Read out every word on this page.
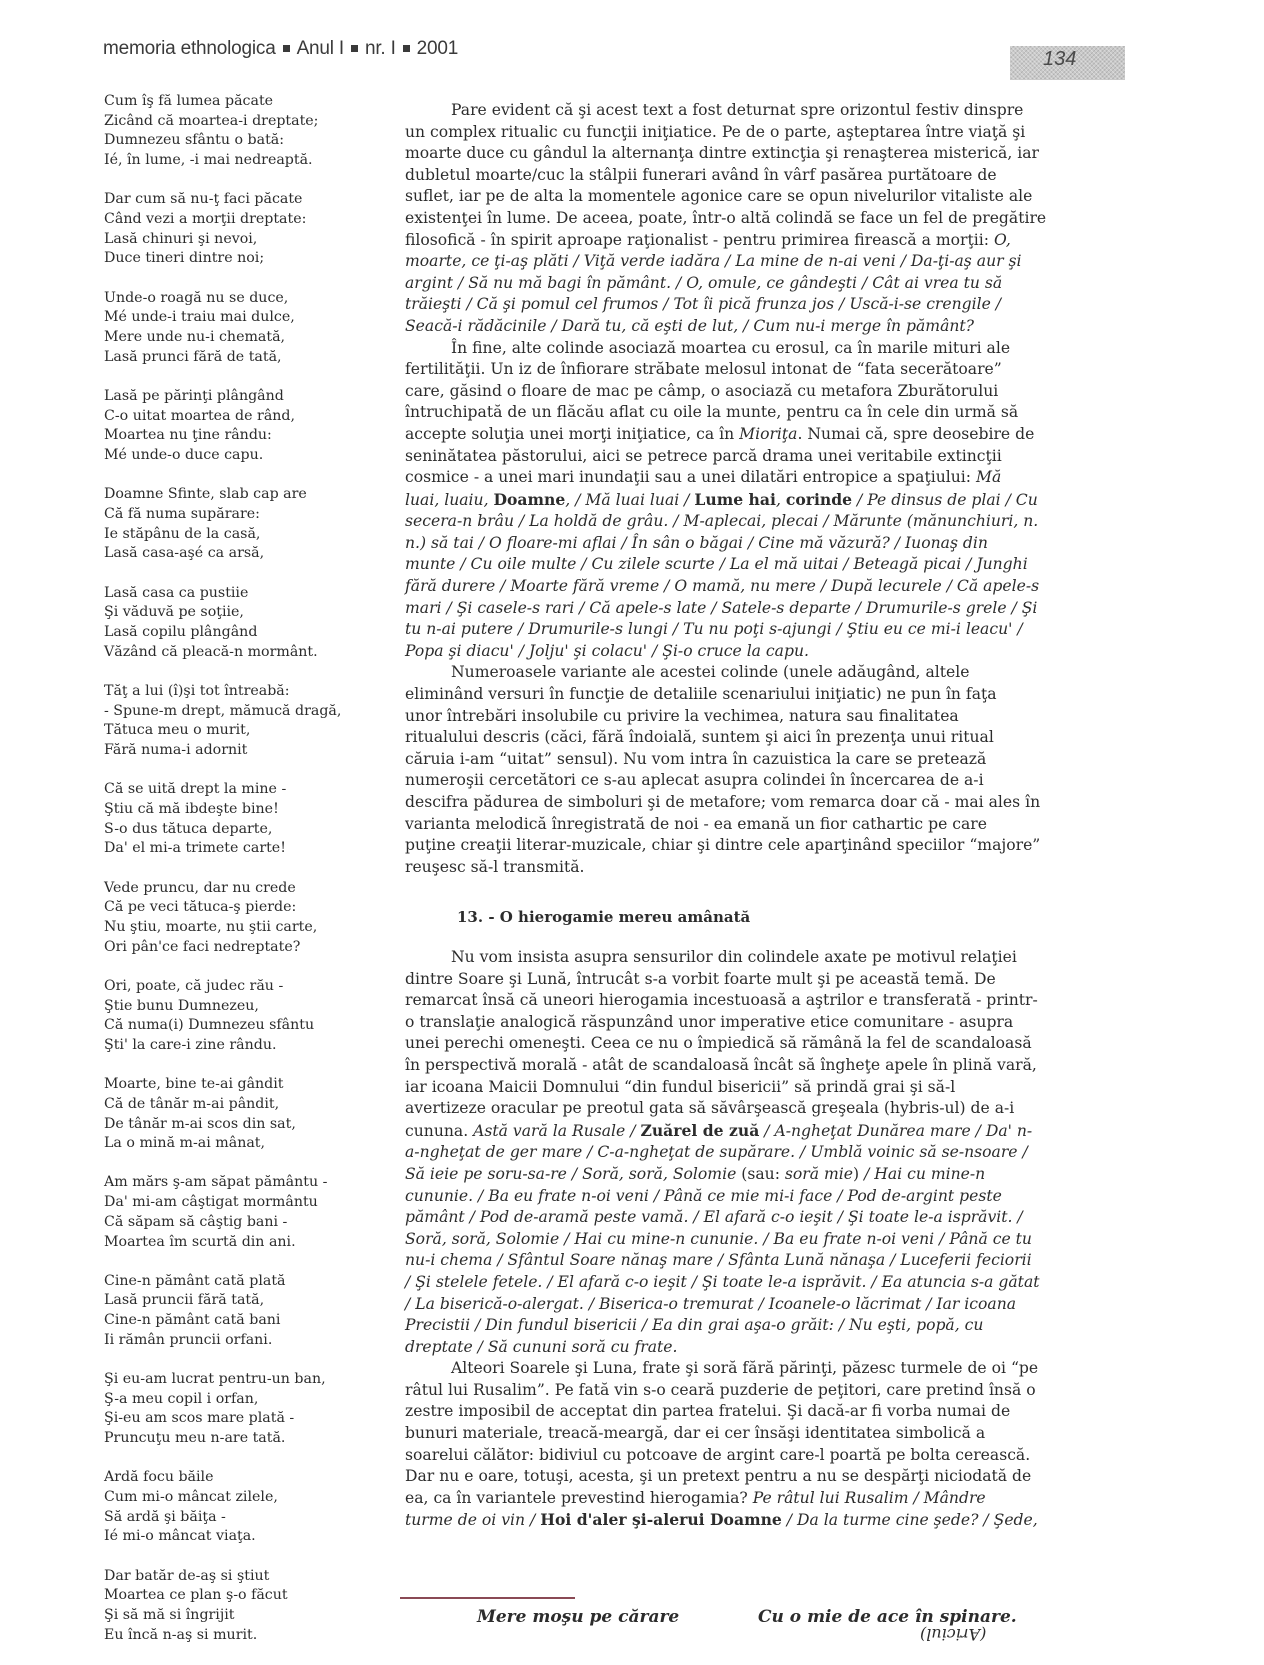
memoria ethnologica Anul I nr. I 2001	134
Cum îş fă lumea păcate
Zicând că moartea-i dreptate;
Dumnezeu sfântu o bată:
Ié, în lume, -i mai nedreaptă.
Dar cum să nu-ţ faci păcate
Când vezi a morţii dreptate:
Lasă chinuri şi nevoi,
Duce tineri dintre noi;
Unde-o roagă nu se duce,
Mé unde-i traiu mai dulce,
Mere unde nu-i chemată,
Lasă prunci fără de tată,
Lasă pe părinţi plângând
C-o uitat moartea de rând,
Moartea nu ţine rându:
Mé unde-o duce capu.
Doamne Sfinte, slab cap are
Că fă numa supărare:
Ie stăpânu de la casă,
Lasă casa-aşé ca arsă,
Lasă casa ca pustiie
Şi văduvă pe soţiie,
Lasă copilu plângând
Văzând că pleacă-n mormânt.
Tăţ a lui (î)şi tot întreabă:
- Spune-m drept, mămucă dragă,
Tătuca meu o murit,
Fără numa-i adornit
Că se uită drept la mine -
Ştiu că mă ibdeşte bine!
S-o dus tătuca departe,
Da' el mi-a trimete carte!
Vede pruncu, dar nu crede
Că pe veci tătuca-ş pierde:
Nu ştiu, moarte, nu ştii carte,
Ori pân'ce faci nedreptate?
Ori, poate, că judec rău -
Ştie bunu Dumnezeu,
Că numa(i) Dumnezeu sfântu
Şti' la care-i zine rându.
Moarte, bine te-ai gândit
Că de tânăr m-ai pândit,
De tânăr m-ai scos din sat,
La o mină m-ai mânat,
Am mărs ş-am săpat pământu -
Da' mi-am câştigat mormântu
Că săpam să câştig bani -
Moartea îm scurtă din ani.
Cine-n pământ cată plată
Lasă pruncii fără tată,
Cine-n pământ cată bani
Ii rămân pruncii orfani.
Şi eu-am lucrat pentru-un ban,
Ş-a meu copil i orfan,
Şi-eu am scos mare plată -
Pruncuţu meu n-are tată.
Ardă focu băile
Cum mi-o mâncat zilele,
Să ardă şi băiţa -
Ié mi-o mâncat viaţa.
Dar batăr de-aş si ştiut
Moartea ce plan ş-o făcut
Şi să mă si îngrijit
Eu încă n-aş si murit.
Pare evident că şi acest text a fost deturnat spre orizontul festiv dinspre
un complex ritualic cu funcţii iniţiatice. Pe de o parte, aşteptarea între viaţă şi
moarte duce cu gândul la alternanţa dintre extincţia şi renaşterea misterică, iar
dubletul moarte/cuc la stâlpii funerari având în vârf pasărea purtătoare de
suflet, iar pe de alta la momentele agonice care se opun nivelurilor vitaliste ale
existenţei în lume. De aceea, poate, într-o altă colindă se face un fel de pregătire
filosofică - în spirit aproape raţionalist - pentru primirea firească a morţii: O,
moarte, ce ţi-aş plăti / Viţă verde iadăra / La mine de n-ai veni / Da-ţi-aş aur şi
argint / Să nu mă bagi în pământ. / O, omule, ce gândeşti / Cât ai vrea tu să
trăieşti / Că şi pomul cel frumos / Tot îi pică frunza jos / Uscă-i-se crengile /
Seacă-i rădăcinile / Dară tu, că eşti de lut, / Cum nu-i merge în pământ?
În fine, alte colinde asociază moartea cu erosul, ca în marile mituri ale
fertilităţii. Un iz de înfiorare străbate melosul intonat de “fata secerătoare”
care, găsind o floare de mac pe câmp, o asociază cu metafora Zburătorului
întruchipată de un flăcău aflat cu oile la munte, pentru ca în cele din urmă să
accepte soluţia unei morţi iniţiatice, ca în Mioriţa. Numai că, spre deosebire de
seninătatea păstorului, aici se petrece parcă drama unei veritabile extincţii
cosmice - a unei mari inundaţii sau a unei dilatări entropice a spaţiului: Mă
luai, luaiu, Doamne, / Mă luai luai / Lume hai, corinde / Pe dinsus de plai / Cu
secera-n brâu / La holdă de grâu. / M-aplecai, plecai / Mărunte (mănunchiuri, n.
n.) să tai / O floare-mi aflai / În sân o băgai / Cine mă văzură? / Iuonaş din
munte / Cu oile multe / Cu zilele scurte / La el mă uitai / Beteagă picai / Junghi
fără durere / Moarte fără vreme / O mamă, nu mere / După lecurele / Că apele-s
mari / Şi casele-s rari / Că apele-s late / Satele-s departe / Drumurile-s grele / Şi
tu n-ai putere / Drumurile-s lungi / Tu nu poţi s-ajungi / Ştiu eu ce mi-i leacu' /
Popa şi diacu' / Jolju' şi colacu' / Şi-o cruce la capu.
Numeroasele variante ale acestei colinde (unele adăugând, altele
eliminând versuri în funcţie de detaliile scenariului iniţiatic) ne pun în faţa
unor întrebări insolubile cu privire la vechimea, natura sau finalitatea
ritualului descris (căci, fără îndoială, suntem şi aici în prezenţa unui ritual
căruia i-am “uitat” sensul). Nu vom intra în cazuistica la care se pretează
numeroşii cercetători ce s-au aplecat asupra colindei în încercarea de a-i
descifra pădurea de simboluri şi de metafore; vom remarca doar că - mai ales în
varianta melodică înregistrată de noi - ea emană un fior cathartic pe care
puţine creaţii literar-muzicale, chiar şi dintre cele aparţinând speciilor “majore”
reuşesc să-l transmită.
13. - O hierogamie mereu amânată
Nu vom insista asupra sensurilor din colindele axate pe motivul relaţiei
dintre Soare şi Lună, întrucât s-a vorbit foarte mult şi pe această temă. De
remarcat însă că uneori hierogamia incestuoasă a aştrilor e transferată - printr-
o translaţie analogică răspunzând unor imperative etice comunitare - asupra
unei perechi omeneşti. Ceea ce nu o împiedică să rămână la fel de scandaloasă
în perspectivă morală - atât de scandaloasă încât să îngheţe apele în plină vară,
iar icoana Maicii Domnului “din fundul bisericii” să prindă grai şi să-l
avertizeze oracular pe preotul gata să săvârşească greşeala (hybris-ul) de a-i
cununa. Astă vară la Rusale / Zuărel de zuă / A-ngheţat Dunărea mare / Da' n-
a-ngheţat de ger mare / C-a-ngheţat de supărare. / Umblă voinic să se-nsoare /
Să ieie pe soru-sa-re / Soră, soră, Solomie (sau: soră mie) / Hai cu mine-n
cununie. / Ba eu frate n-oi veni / Până ce mie mi-i face / Pod de-argint peste
pământ / Pod de-aramă peste vamă. / El afară c-o ieşit / Şi toate le-a isprăvit. /
Soră, soră, Solomie / Hai cu mine-n cununie. / Ba eu frate n-oi veni / Până ce tu
nu-i chema / Sfântul Soare nănaş mare / Sfânta Lună nănaşa / Luceferii feciorii
/ Şi stelele fetele. / El afară c-o ieşit / Şi toate le-a isprăvit. / Ea atuncia s-a gătat
/ La biserică-o-alergat. / Biserica-o tremurat / Icoanele-o lăcrimat / Iar icoana
Precistii / Din fundul bisericii / Ea din grai aşa-o grăit: / Nu eşti, popă, cu
dreptate / Să cununi soră cu frate.
Alteori Soarele şi Luna, frate şi soră fără părinţi, păzesc turmele de oi “pe
râtul lui Rusalim”. Pe fată vin s-o ceară puzderie de peţitori, care pretind însă o
zestre imposibil de acceptat din partea fratelui. Şi dacă-ar fi vorba numai de
bunuri materiale, treacă-meargă, dar ei cer însăşi identitatea simbolică a
soarelui călător: bidiviul cu potcoave de argint care-l poartă pe bolta cerească.
Dar nu e oare, totuşi, acesta, şi un pretext pentru a nu se despărţi niciodată de
ea, ca în variantele prevestind hierogamia? Pe râtul lui Rusalim / Mândre
turme de oi vin / Hoi d'aler şi-alerui Doamne / Da la turme cine şede? / Şede,
Mere moşu pe cărare	Cu o mie de ace în spinare.
(Ariciul)
